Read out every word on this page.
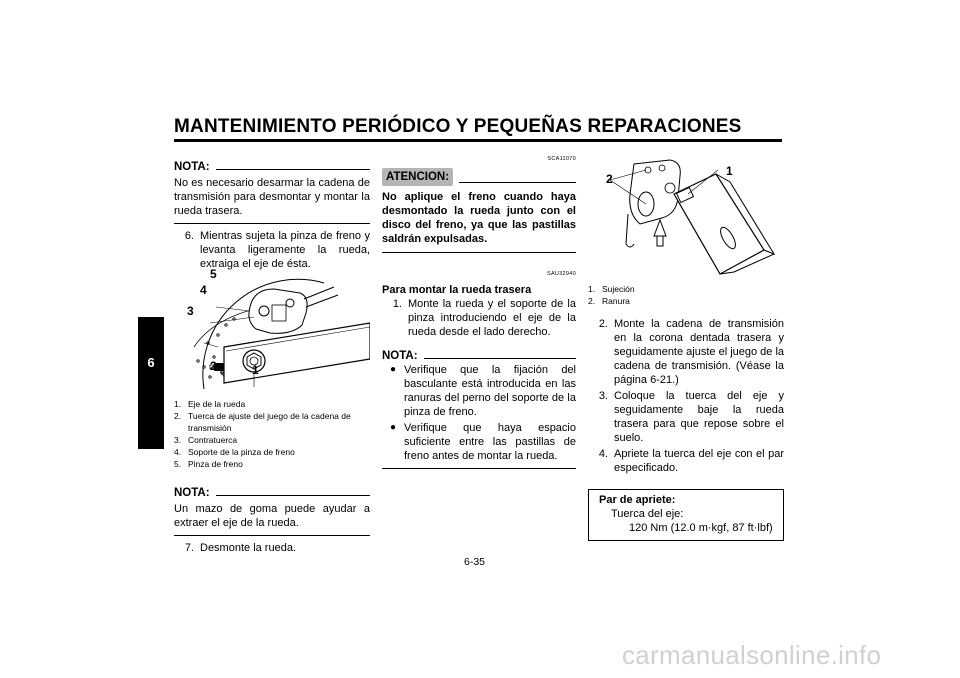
MANTENIMIENTO PERIÓDICO Y PEQUEÑAS REPARACIONES
6
NOTA:
No es necesario desarmar la cadena de transmisión para desmontar y montar la rueda trasera.
6. Mientras sujeta la pinza de freno y levanta ligeramente la rueda, extraiga el eje de ésta.
5
4
3
2	1
1. Eje de la rueda
2. Tuerca de ajuste del juego de la cadena de transmisión
3. Contratuerca
4. Soporte de la pinza de freno
5. Pinza de freno
NOTA:
Un mazo de goma puede ayudar a extraer el eje de la rueda.
7. Desmonte la rueda.
SCA11070
ATENCION:
No aplique el freno cuando haya desmontado la rueda junto con el disco del freno, ya que las pastillas saldrán expulsadas.
SAU32940
Para montar la rueda trasera
1. Monte la rueda y el soporte de la pinza introduciendo el eje de la rueda desde el lado derecho.
NOTA:
● Verifique que la fijación del basculante está introducida en las ranuras del perno del soporte de la pinza de freno.
● Verifique que haya espacio suficiente entre las pastillas de freno antes de montar la rueda.
2
1
1. Sujeción
2. Ranura
2. Monte la cadena de transmisión en la corona dentada trasera y seguidamente ajuste el juego de la cadena de transmisión. (Véase la página 6-21.)
3. Coloque la tuerca del eje y seguidamente baje la rueda trasera para que repose sobre el suelo.
4. Apriete la tuerca del eje con el par especificado.
Par de apriete:
Tuerca del eje:
120 Nm (12.0 m·kgf, 87 ft·lbf)
6-35
carmanualsonline.info
